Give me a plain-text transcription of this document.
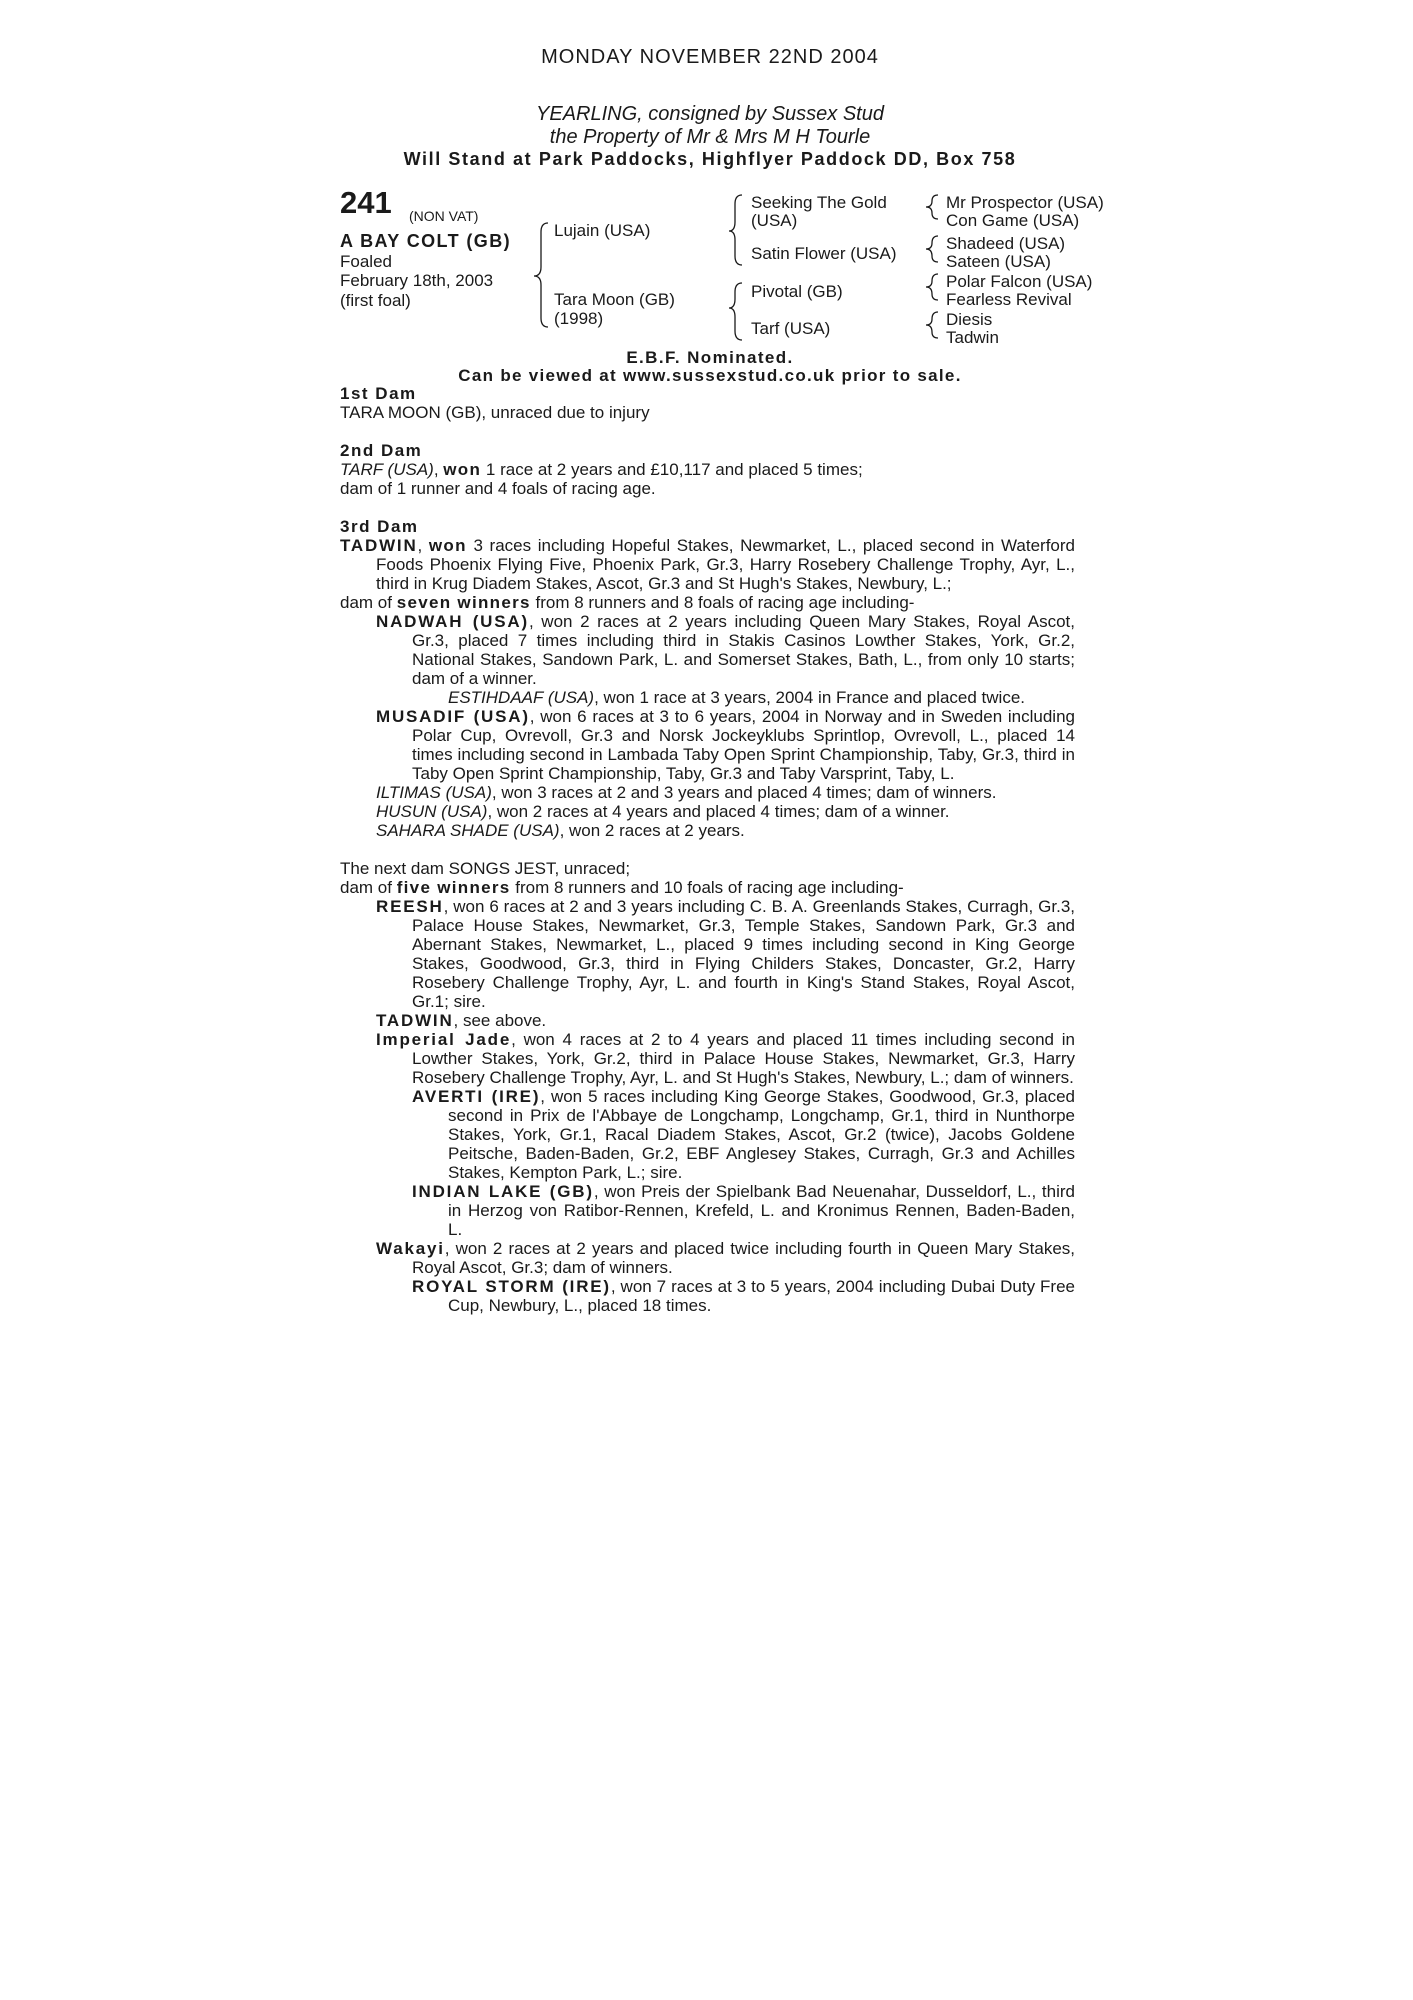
MONDAY NOVEMBER 22ND 2004
YEARLING, consigned by Sussex Stud
the Property of Mr & Mrs M H Tourle
Will Stand at Park Paddocks, Highflyer Paddock DD, Box 758
241 (NON VAT)
A BAY COLT (GB)
Foaled
February 18th, 2003
(first foal)
Lujain (USA)
Tara Moon (GB)
(1998)
Seeking The Gold
(USA)
Satin Flower (USA)
Pivotal (GB)
Tarf (USA)
Mr Prospector (USA)
Con Game (USA)
Shadeed (USA)
Sateen (USA)
Polar Falcon (USA)
Fearless Revival
Diesis
Tadwin
E.B.F. Nominated.
Can be viewed at www.sussexstud.co.uk prior to sale.
1st Dam
TARA MOON (GB), unraced due to injury
2nd Dam
TARF (USA), won 1 race at 2 years and £10,117 and placed 5 times;
dam of 1 runner and 4 foals of racing age.
3rd Dam
TADWIN, won 3 races including Hopeful Stakes, Newmarket, L., placed second in Waterford Foods Phoenix Flying Five, Phoenix Park, Gr.3, Harry Rosebery Challenge Trophy, Ayr, L., third in Krug Diadem Stakes, Ascot, Gr.3 and St Hugh's Stakes, Newbury, L.;
dam of seven winners from 8 runners and 8 foals of racing age including-
NADWAH (USA), won 2 races at 2 years including Queen Mary Stakes, Royal Ascot, Gr.3, placed 7 times including third in Stakis Casinos Lowther Stakes, York, Gr.2, National Stakes, Sandown Park, L. and Somerset Stakes, Bath, L., from only 10 starts; dam of a winner.
ESTIHDAAF (USA), won 1 race at 3 years, 2004 in France and placed twice.
MUSADIF (USA), won 6 races at 3 to 6 years, 2004 in Norway and in Sweden including Polar Cup, Ovrevoll, Gr.3 and Norsk Jockeyklubs Sprintlop, Ovrevoll, L., placed 14 times including second in Lambada Taby Open Sprint Championship, Taby, Gr.3, third in Taby Open Sprint Championship, Taby, Gr.3 and Taby Varsprint, Taby, L.
ILTIMAS (USA), won 3 races at 2 and 3 years and placed 4 times; dam of winners.
HUSUN (USA), won 2 races at 4 years and placed 4 times; dam of a winner.
SAHARA SHADE (USA), won 2 races at 2 years.
The next dam SONGS JEST, unraced;
dam of five winners from 8 runners and 10 foals of racing age including-
REESH, won 6 races at 2 and 3 years including C. B. A. Greenlands Stakes, Curragh, Gr.3, Palace House Stakes, Newmarket, Gr.3, Temple Stakes, Sandown Park, Gr.3 and Abernant Stakes, Newmarket, L., placed 9 times including second in King George Stakes, Goodwood, Gr.3, third in Flying Childers Stakes, Doncaster, Gr.2, Harry Rosebery Challenge Trophy, Ayr, L. and fourth in King's Stand Stakes, Royal Ascot, Gr.1; sire.
TADWIN, see above.
Imperial Jade, won 4 races at 2 to 4 years and placed 11 times including second in Lowther Stakes, York, Gr.2, third in Palace House Stakes, Newmarket, Gr.3, Harry Rosebery Challenge Trophy, Ayr, L. and St Hugh's Stakes, Newbury, L.; dam of winners.
AVERTI (IRE), won 5 races including King George Stakes, Goodwood, Gr.3, placed second in Prix de l'Abbaye de Longchamp, Longchamp, Gr.1, third in Nunthorpe Stakes, York, Gr.1, Racal Diadem Stakes, Ascot, Gr.2 (twice), Jacobs Goldene Peitsche, Baden-Baden, Gr.2, EBF Anglesey Stakes, Curragh, Gr.3 and Achilles Stakes, Kempton Park, L.; sire.
INDIAN LAKE (GB), won Preis der Spielbank Bad Neuenahar, Dusseldorf, L., third in Herzog von Ratibor-Rennen, Krefeld, L. and Kronimus Rennen, Baden-Baden, L.
Wakayi, won 2 races at 2 years and placed twice including fourth in Queen Mary Stakes, Royal Ascot, Gr.3; dam of winners.
ROYAL STORM (IRE), won 7 races at 3 to 5 years, 2004 including Dubai Duty Free Cup, Newbury, L., placed 18 times.
